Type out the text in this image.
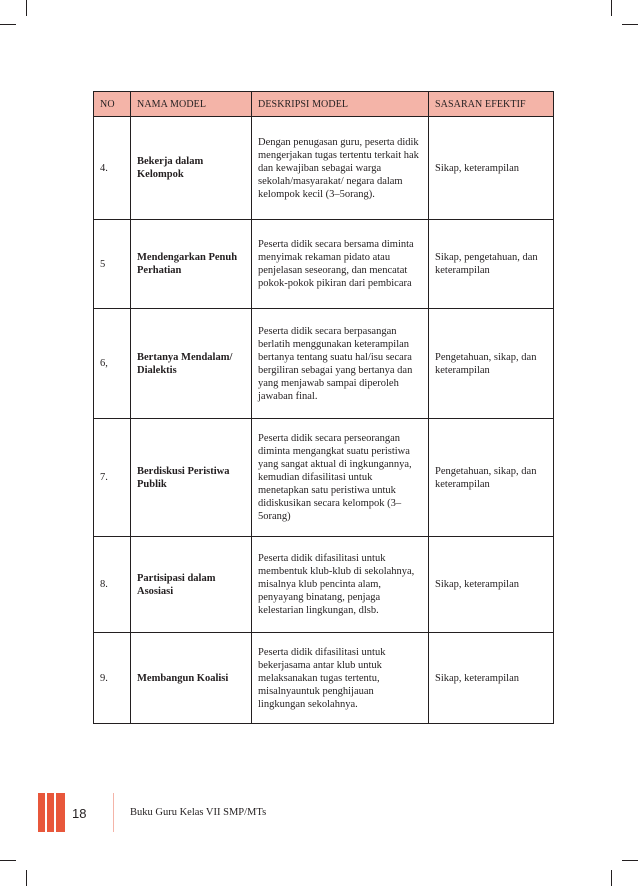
NO	NAMA MODEL	DESKRIPSI MODEL	SASARAN EFEKTIF
4.	Bekerja dalam Kelompok	Dengan penugasan guru, peserta didik mengerjakan tugas tertentu terkait hak dan kewajiban sebagai warga sekolah/masyarakat/ negara dalam kelompok kecil (3–5orang).	Sikap, keterampilan
5	Mendengarkan Penuh Perhatian	Peserta didik secara bersama diminta menyimak rekaman pidato atau penjelasan seseorang, dan mencatat pokok-pokok pikiran dari pembicara	Sikap, pengetahuan, dan keterampilan
6,	Bertanya Mendalam/ Dialektis	Peserta didik secara berpasangan berlatih menggunakan keterampilan bertanya tentang suatu hal/isu secara bergiliran sebagai yang bertanya dan yang menjawab sampai diperoleh jawaban final.	Pengetahuan, sikap, dan keterampilan
7.	Berdiskusi Peristiwa Publik	Peserta didik secara perseorangan diminta mengangkat suatu peristiwa yang sangat aktual di ingkungannya, kemudian difasilitasi untuk menetapkan satu peristiwa untuk didiskusikan secara kelompok (3–5orang)	Pengetahuan, sikap, dan keterampilan
8.	Partisipasi dalam Asosiasi	Peserta didik difasilitasi untuk membentuk klub-klub di sekolahnya, misalnya klub pencinta alam, penyayang binatang, penjaga kelestarian lingkungan, dlsb.	Sikap, keterampilan
9.	Membangun Koalisi	Peserta didik difasilitasi untuk bekerjasama antar klub untuk melaksanakan tugas tertentu, misalnyauntuk penghijauan lingkungan sekolahnya.	Sikap, keterampilan
18	Buku Guru Kelas VII SMP/MTs
